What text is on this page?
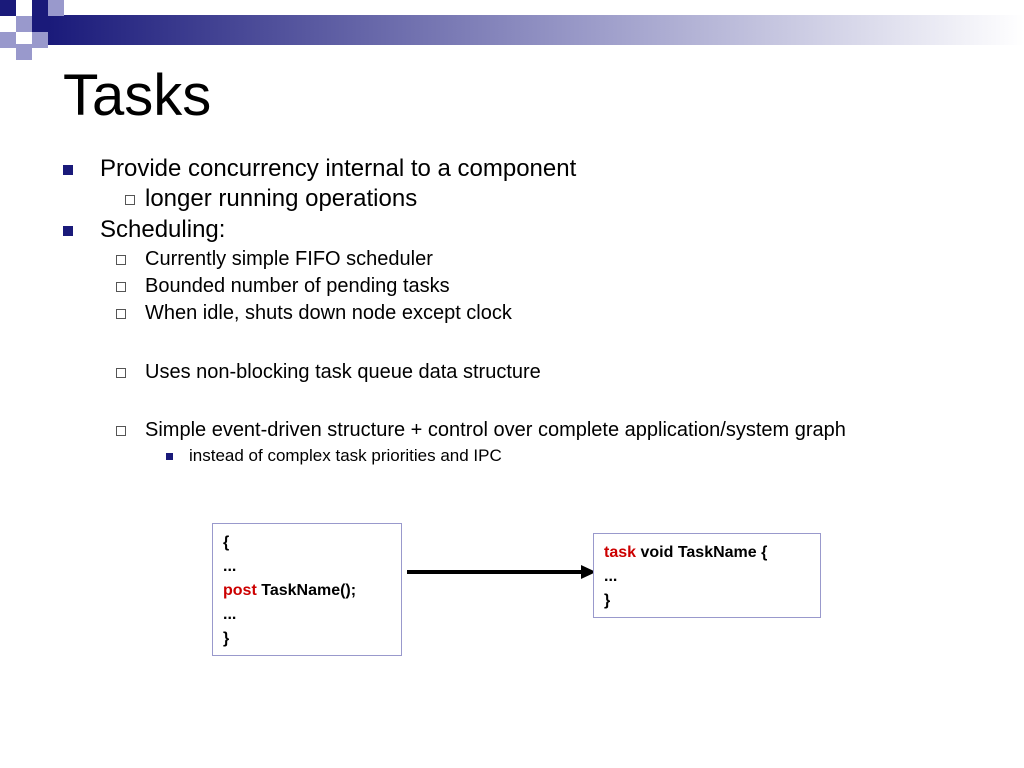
Tasks
Provide concurrency internal to a component
longer running operations
Scheduling:
Currently simple FIFO scheduler
Bounded number of pending tasks
When idle, shuts down node except clock
Uses non-blocking task queue data structure
Simple event-driven structure + control over complete application/system graph
instead of complex task priorities and IPC
{
...
post TaskName();
...
}
task void TaskName {
...
}
